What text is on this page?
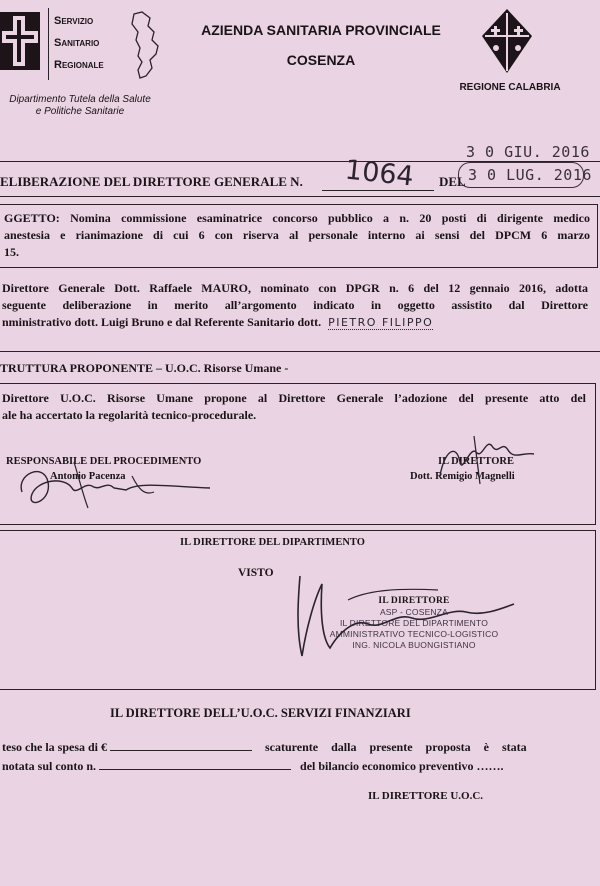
Servizio
Sanitario
Regionale
Dipartimento Tutela della Salute
e Politiche Sanitarie
AZIENDA SANITARIA PROVINCIALE
COSENZA
REGIONE CALABRIA

3 0 GIU. 2016
3 0 LUG. 2016
ELIBERAZIONE DEL DIRETTORE GENERALE N. 1064 DEL
GGETTO: Nomina commissione esaminatrice concorso pubblico a n. 20 posti di dirigente medico
anestesia e rianimazione di cui 6 con riserva al personale interno ai sensi del DPCM 6 marzo
15.
Direttore Generale Dott. Raffaele MAURO, nominato con DPGR n. 6 del 12 gennaio 2016, adotta
seguente deliberazione in merito all’argomento indicato in oggetto assistito dal Direttore
nministrativo dott. Luigi Bruno e dal Referente Sanitario dott. PIETRO FILIPPO
TRUTTURA PROPONENTE – U.O.C. Risorse Umane -
Direttore U.O.C. Risorse Umane propone al Direttore Generale l’adozione del presente atto del
ale ha accertato la regolarità tecnico-procedurale.
RESPONSABILE DEL PROCEDIMENTO
Antonio Pacenza
IL DIRETTORE
Dott. Remigio Magnelli

IL DIRETTORE DEL DIPARTIMENTO
VISTO
IL DIRETTORE
ASP - COSENZA
IL DIRETTORE DEL DIPARTIMENTO
AMMINISTRATIVO TECNICO-LOGISTICO
ING. NICOLA BUONGISTIANO
IL DIRETTORE DELL’U.O.C. SERVIZI FINANZIARI
teso che la spesa di €	scaturente dalla presente proposta è stata
notata sul conto n.	del bilancio economico preventivo …….
IL DIRETTORE U.O.C.
